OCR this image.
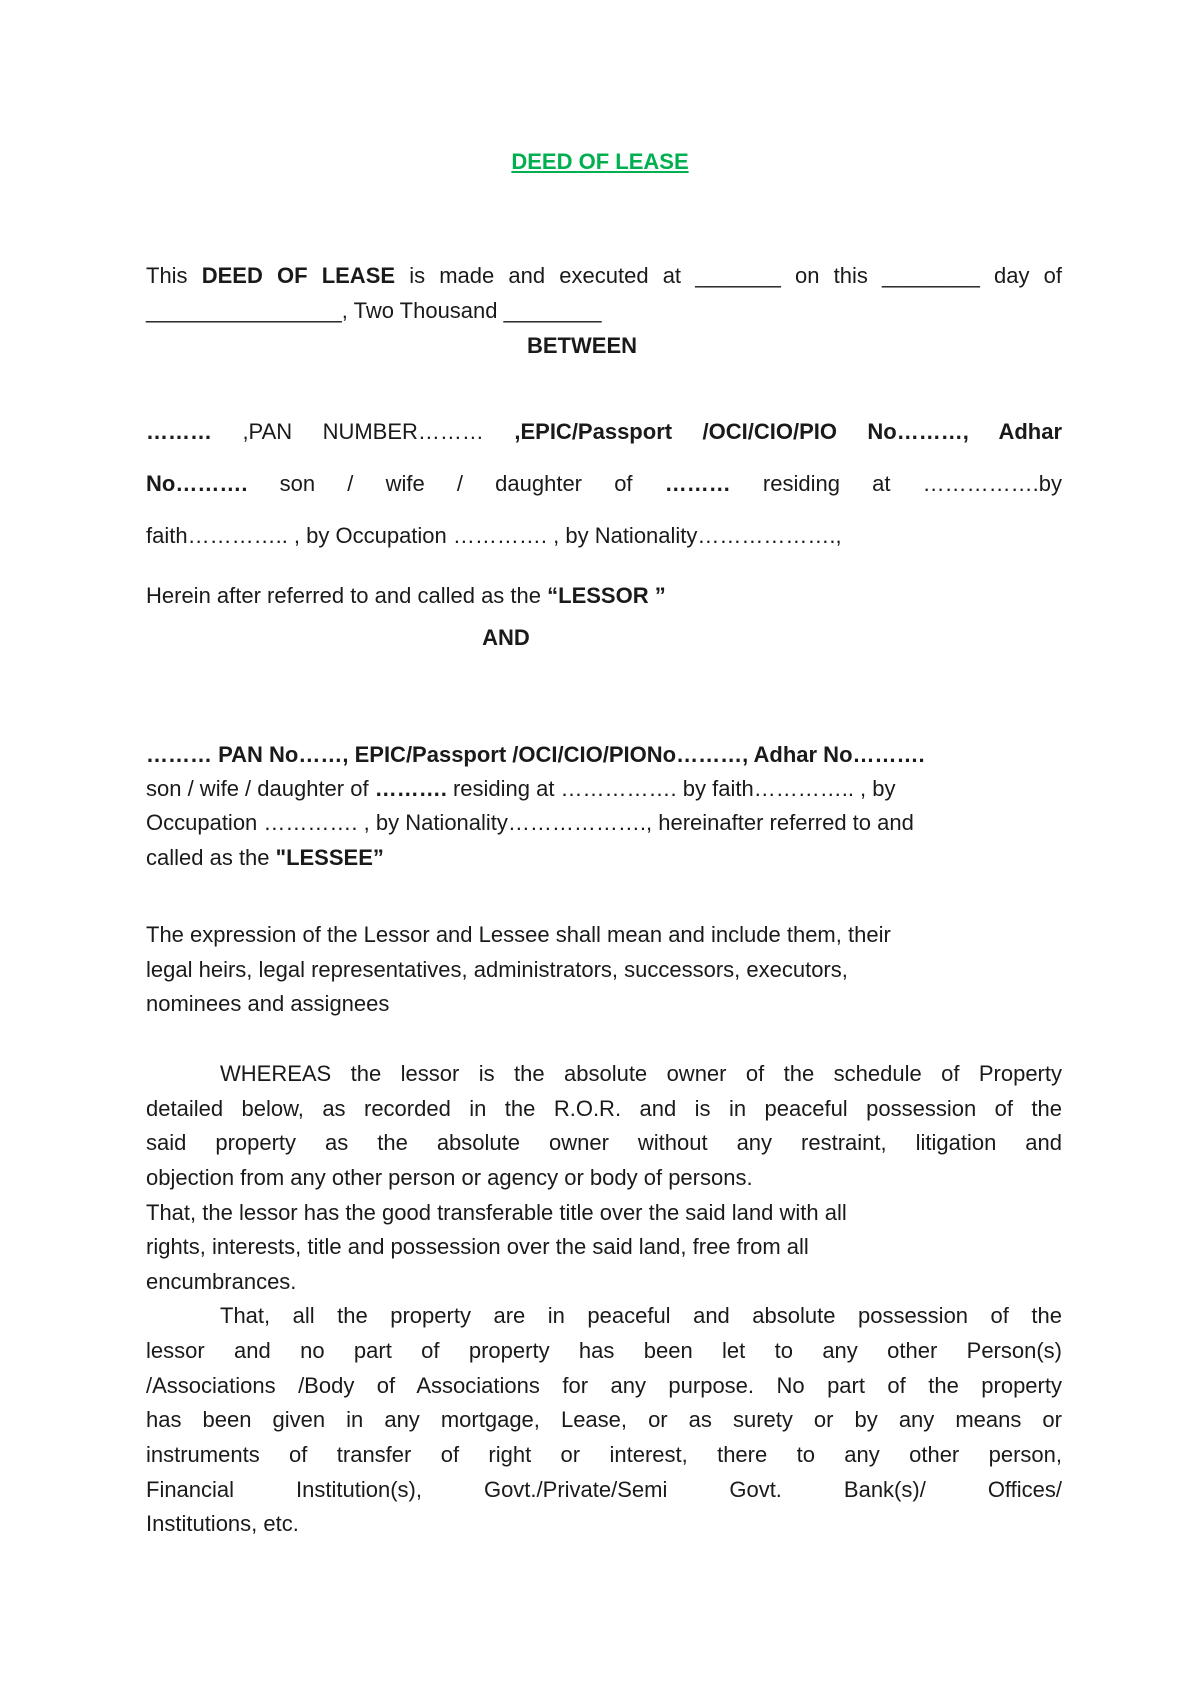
DEED OF LEASE
This DEED OF LEASE is made and executed at _______ on this ________ day of
________________, Two Thousand ________
BETWEEN
……… ,PAN NUMBER……… ,EPIC/Passport /OCI/CIO/PIO No………, Adhar
No………. son / wife / daughter of ……… residing at …………….by
faith………….. , by Occupation …………. , by Nationality……………….,
Herein after referred to and called as the “LESSOR ”
AND
……… PAN No……, EPIC/Passport /OCI/CIO/PIONo………, Adhar No……….
son / wife / daughter of ………. residing at ……………. by faith………….. , by
Occupation …………. , by Nationality………………., hereinafter referred to and
called as the "LESSEE”
The expression of the Lessor and Lessee shall mean and include them, their
legal heirs, legal representatives, administrators, successors, executors,
nominees and assignees
WHEREAS the lessor is the absolute owner of the schedule of Property
detailed below, as recorded in the R.O.R. and is in peaceful possession of the
said property as the absolute owner without any restraint, litigation and
objection from any other person or agency or body of persons.
That, the lessor has the good transferable title over the said land with all
rights, interests, title and possession over the said land, free from all
encumbrances.
That, all the property are in peaceful and absolute possession of the
lessor and no part of property has been let to any other Person(s)
/Associations /Body of Associations for any purpose. No part of the property
has been given in any mortgage, Lease, or as surety or by any means or
instruments of transfer of right or interest, there to any other person,
Financial Institution(s), Govt./Private/Semi Govt. Bank(s)/ Offices/
Institutions, etc.
